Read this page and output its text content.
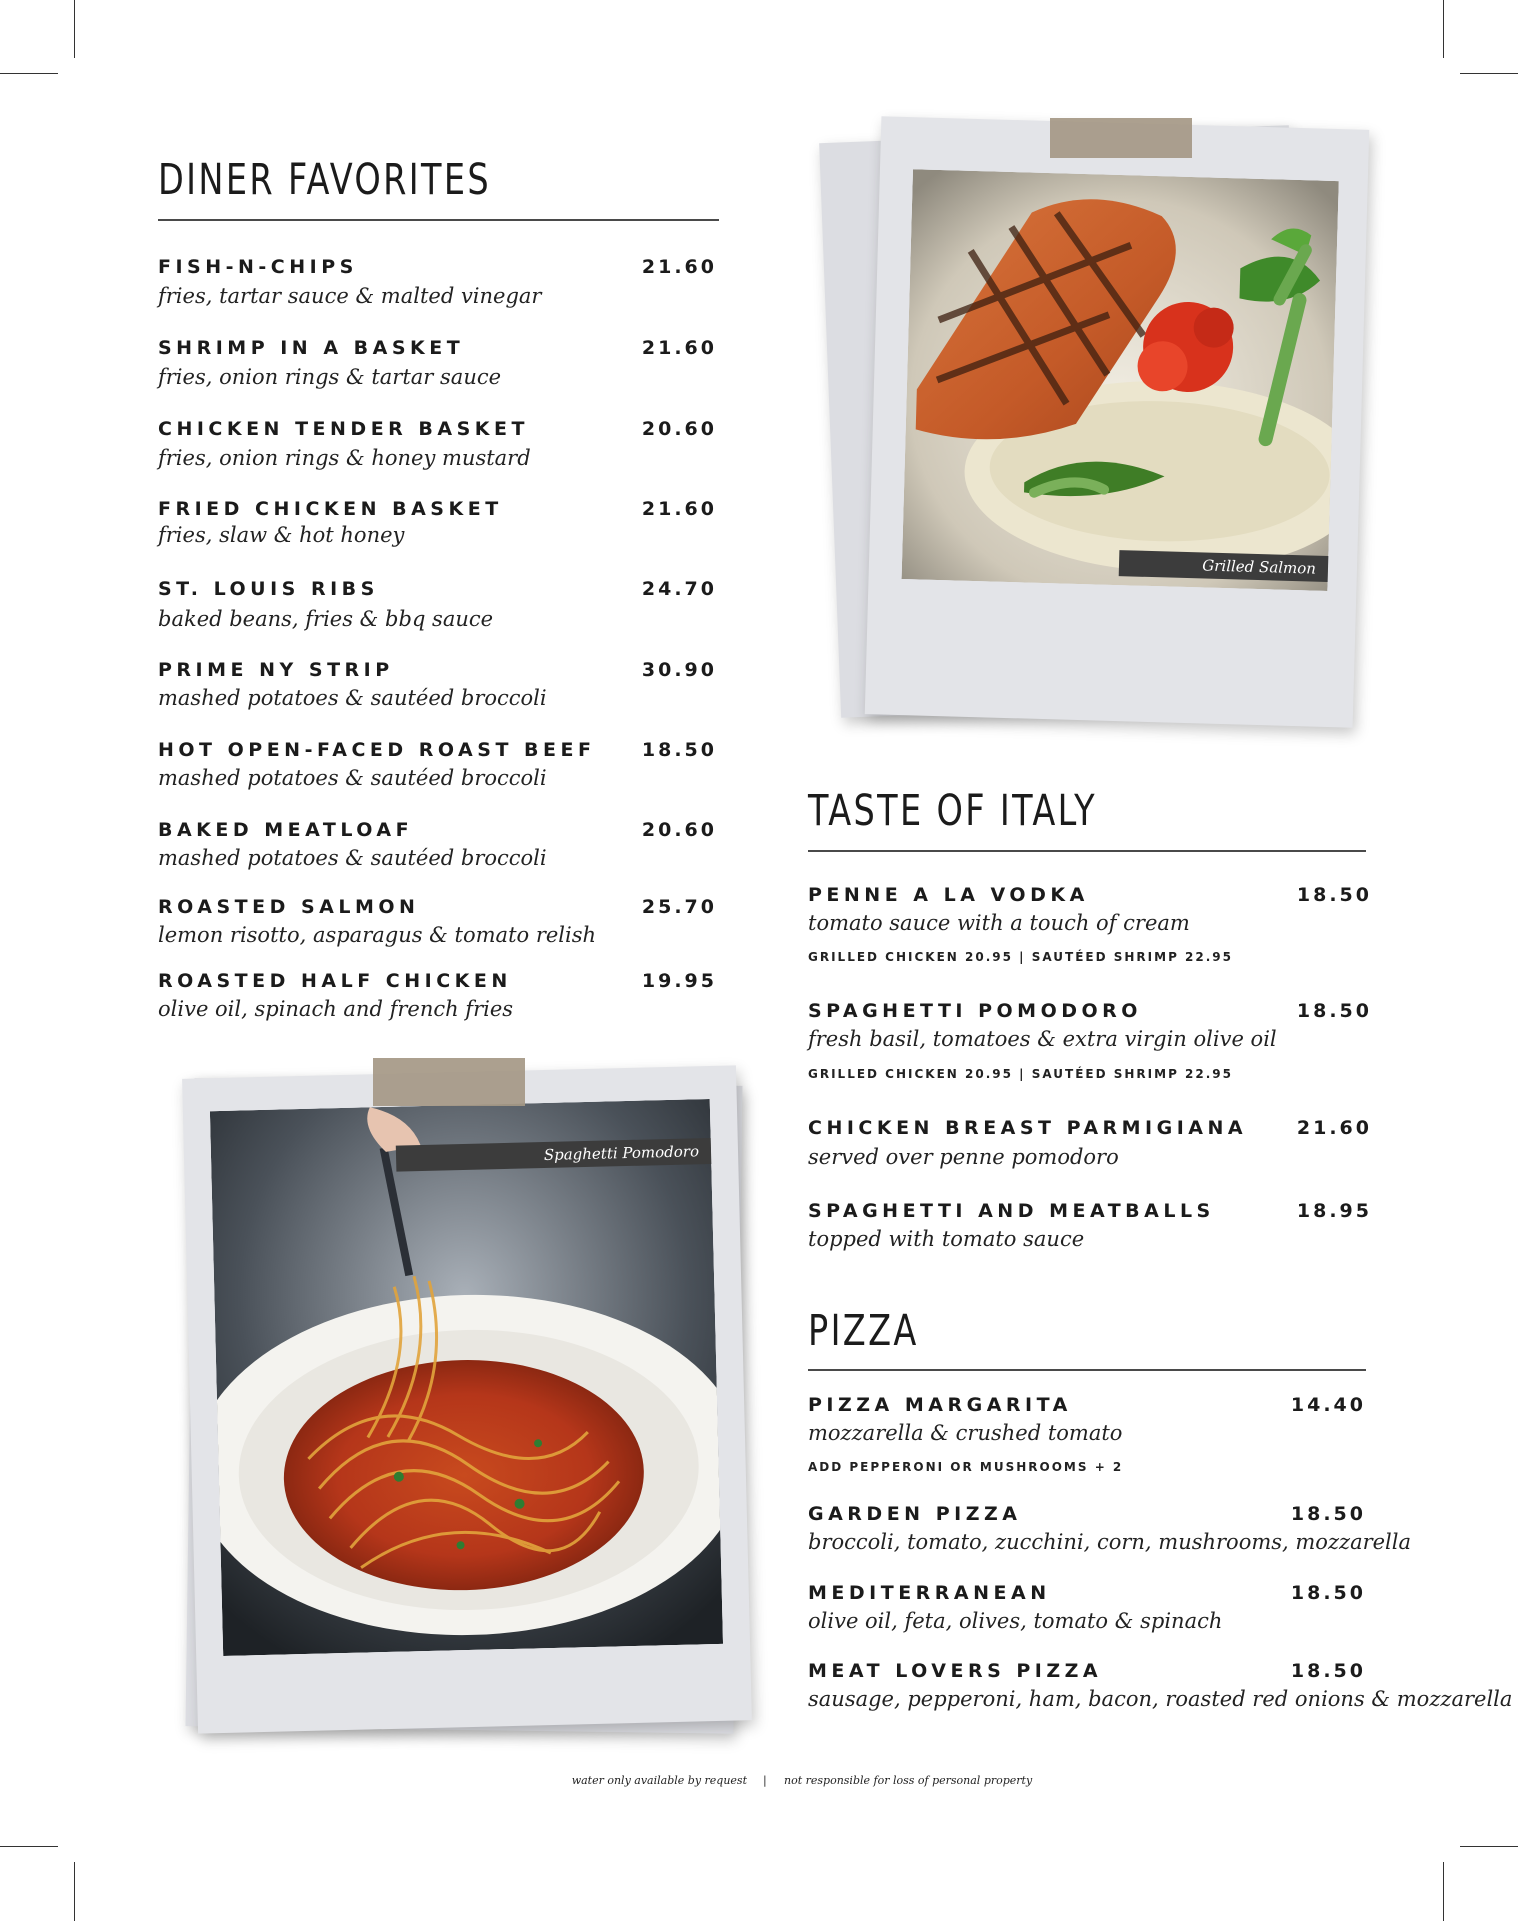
DINER FAVORITES
FISH-N-CHIPS	21.60
fries, tartar sauce & malted vinegar
SHRIMP IN A BASKET	21.60
fries, onion rings & tartar sauce
CHICKEN TENDER BASKET	20.60
fries, onion rings & honey mustard
FRIED CHICKEN BASKET	21.60
fries, slaw & hot honey
ST. LOUIS RIBS	24.70
baked beans, fries & bbq sauce
PRIME NY STRIP	30.90
mashed potatoes & sautéed broccoli
HOT OPEN-FACED ROAST BEEF 18.50
mashed potatoes & sautéed broccoli
BAKED MEATLOAF	20.60
mashed potatoes & sautéed broccoli
ROASTED SALMON	25.70
lemon risotto, asparagus & tomato relish
ROASTED HALF CHICKEN	19.95
olive oil, spinach and french fries
Grilled Salmon
TASTE OF ITALY
PENNE A LA VODKA	18.50
tomato sauce with a touch of cream
GRILLED CHICKEN 20.95 | SAUTÉED SHRIMP 22.95
SPAGHETTI POMODORO	18.50
fresh basil, tomatoes & extra virgin olive oil
GRILLED CHICKEN 20.95 | SAUTÉED SHRIMP 22.95
CHICKEN BREAST PARMIGIANA	21.60
served over penne pomodoro
SPAGHETTI AND MEATBALLS	18.95
topped with tomato sauce
PIZZA
PIZZA MARGARITA	14.40
mozzarella & crushed tomato
ADD PEPPERONI OR MUSHROOMS + 2
GARDEN PIZZA	18.50
broccoli, tomato, zucchini, corn, mushrooms, mozzarella
MEDITERRANEAN	18.50
olive oil, feta, olives, tomato & spinach
MEAT LOVERS PIZZA	18.50
sausage, pepperoni, ham, bacon, roasted red onions & mozzarella
Spaghetti Pomodoro
water only available by request | not responsible for loss of personal property
